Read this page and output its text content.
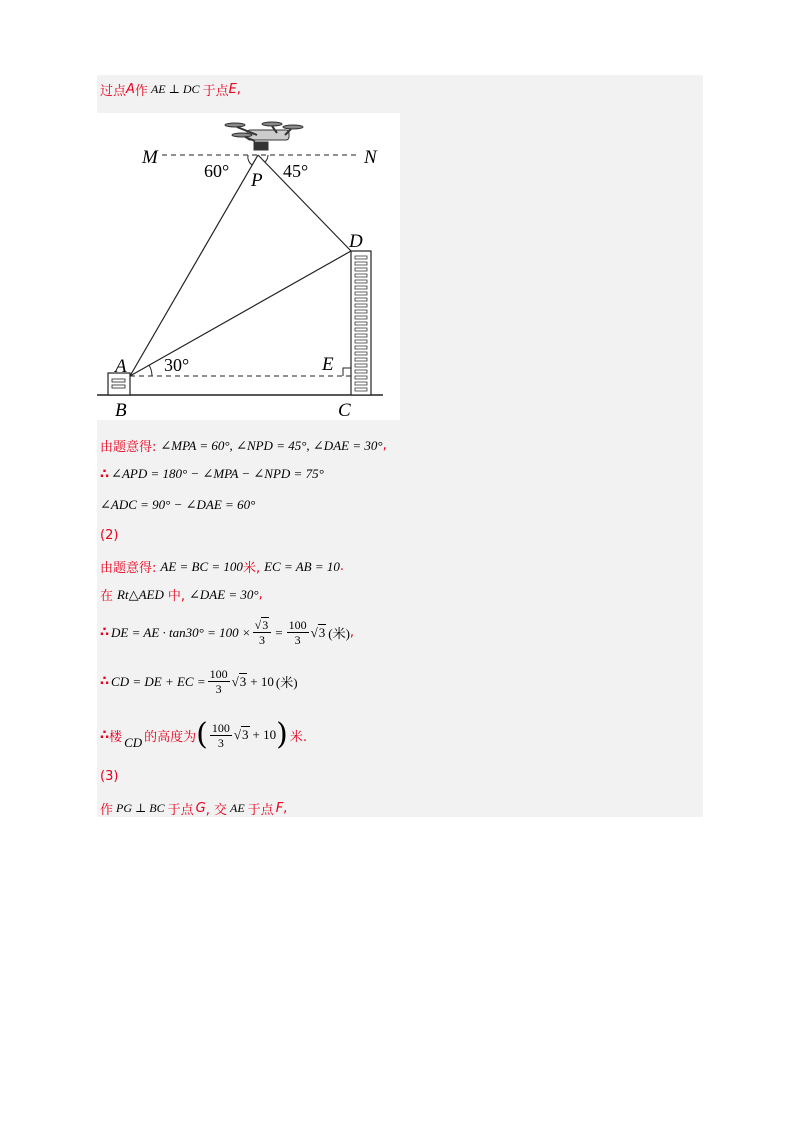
过点 A 作 AE ⊥ DC 于点 E ,
M	N
P
60°	45°
D
A 30°	E
B	C
由题意得: ∠MPA = 60°, ∠NPD = 45°, ∠DAE = 30° ,
∴ ∠APD = 180° − ∠MPA − ∠NPD = 75°
∠ADC = 90° − ∠DAE = 60°
(2)
由题意得: AE = BC = 100 米, EC = AB = 10 .
在 Rt△AED 中, ∠DAE = 30° ,
∴ DE = AE · $\tan 30^\circ = 100 \times \frac{√3}{3} = \frac{100}{3} √3$ (米) ,
∴ CD = DE + EC = $\frac{100}{3} √3 + 10$ (米)
∴ 楼 CD 的高度为 ( $\frac{100}{3} √3 + 10$ ) 米.
(3)
作 PG ⊥ BC 于点 G , 交 AE 于点 F ,
